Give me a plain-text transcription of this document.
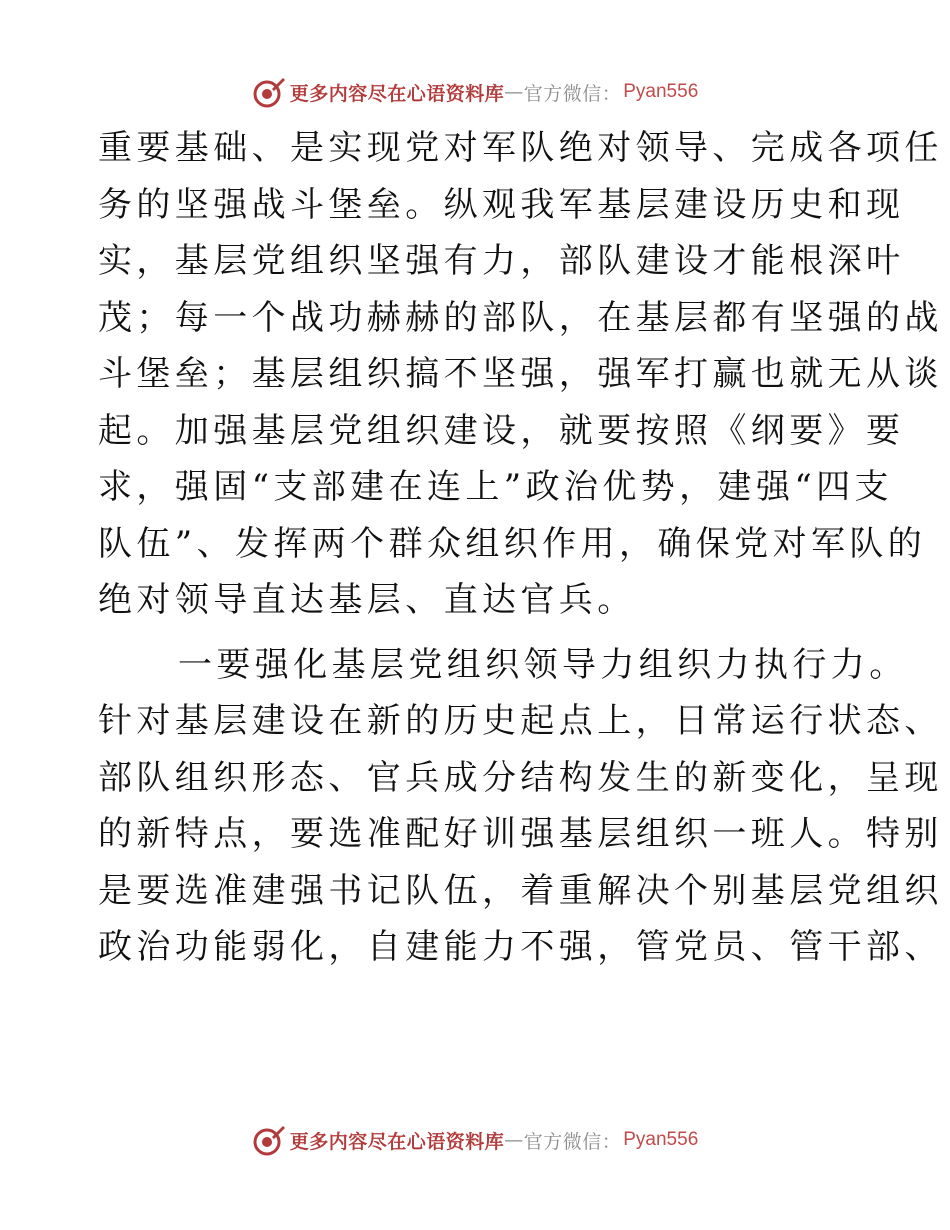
更多内容尽在心语资料库 — 官方微信： Pyan556
重要基础、是实现党对军队绝对领导、完成各项任
务的坚强战斗堡垒。纵观我军基层建设历史和现
实，基层党组织坚强有力，部队建设才能根深叶
茂；每一个战功赫赫的部队，在基层都有坚强的战
斗堡垒；基层组织搞不坚强，强军打赢也就无从谈
起。加强基层党组织建设，就要按照《纲要》要
求，强固“支部建在连上”政治优势，建强“四支
队伍”、发挥两个群众组织作用，确保党对军队的
绝对领导直达基层、直达官兵。
一要强化基层党组织领导力组织力执行力。
针对基层建设在新的历史起点上，日常运行状态、
部队组织形态、官兵成分结构发生的新变化，呈现
的新特点，要选准配好训强基层组织一班人。特别
是要选准建强书记队伍，着重解决个别基层党组织
政治功能弱化，自建能力不强，管党员、管干部、
更多内容尽在心语资料库 — 官方微信： Pyan556
